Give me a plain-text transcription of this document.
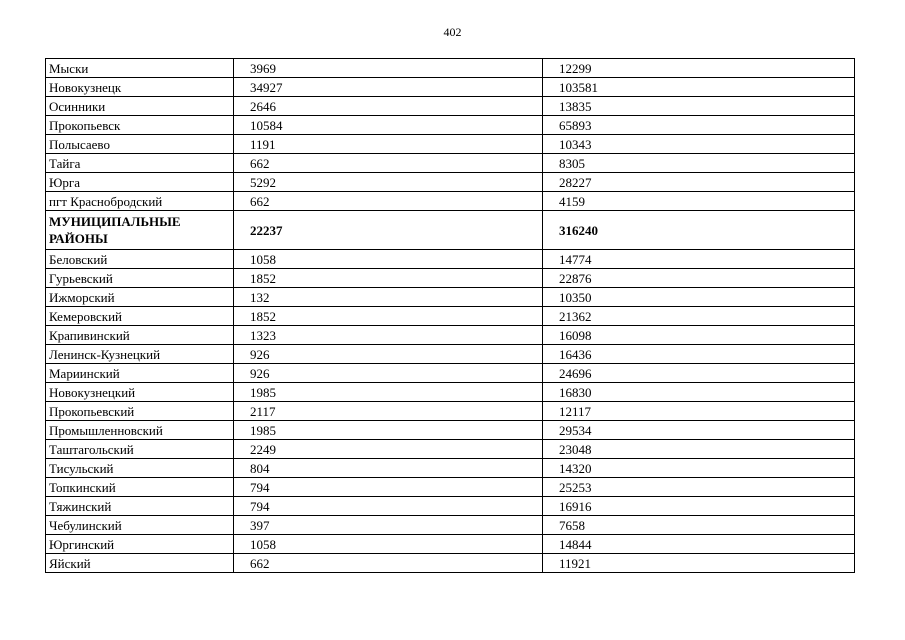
402
Мыски	3969	12299
Новокузнецк	34927	103581
Осинники	2646	13835
Прокопьевск	10584	65893
Полысаево	1191	10343
Тайга	662	8305
Юрга	5292	28227
пгт Краснобродский	662	4159
МУНИЦИПАЛЬНЫЕ РАЙОНЫ	22237	316240
Беловский	1058	14774
Гурьевский	1852	22876
Ижморский	132	10350
Кемеровский	1852	21362
Крапивинский	1323	16098
Ленинск-Кузнецкий	926	16436
Мариинский	926	24696
Новокузнецкий	1985	16830
Прокопьевский	2117	12117
Промышленновский	1985	29534
Таштагольский	2249	23048
Тисульский	804	14320
Топкинский	794	25253
Тяжинский	794	16916
Чебулинский	397	7658
Юргинский	1058	14844
Яйский	662	11921
